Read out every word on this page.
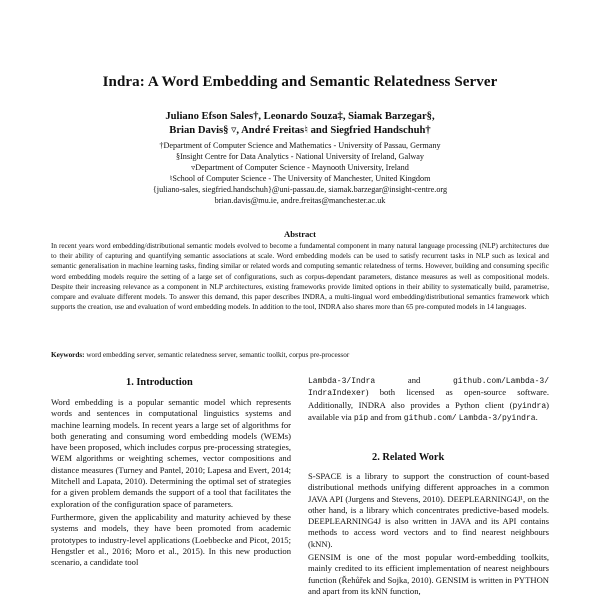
Indra: A Word Embedding and Semantic Relatedness Server
Juliano Efson Sales†, Leonardo Souza‡, Siamak Barzegar§,
Brian Davis§ ▿, André Freitas♮ and Siegfried Handschuh†
†Department of Computer Science and Mathematics - University of Passau, Germany
§Insight Centre for Data Analytics - National University of Ireland, Galway
▿Department of Computer Science - Maynooth University, Ireland
♮School of Computer Science - The University of Manchester, United Kingdom
{juliano-sales, siegfried.handschuh}@uni-passau.de, siamak.barzegar@insight-centre.org
brian.davis@mu.ie, andre.freitas@manchester.ac.uk
Abstract
In recent years word embedding/distributional semantic models evolved to become a fundamental component in many natural language processing (NLP) architectures due to their ability of capturing and quantifying semantic associations at scale. Word embedding models can be used to satisfy recurrent tasks in NLP such as lexical and semantic generalisation in machine learning tasks, finding similar or related words and computing semantic relatedness of terms. However, building and consuming specific word embedding models require the setting of a large set of configurations, such as corpus-dependant parameters, distance measures as well as compositional models. Despite their increasing relevance as a component in NLP architectures, existing frameworks provide limited options in their ability to systematically build, parametrise, compare and evaluate different models. To answer this demand, this paper describes INDRA, a multi-lingual word embedding/distributional semantics framework which supports the creation, use and evaluation of word embedding models. In addition to the tool, INDRA also shares more than 65 pre-computed models in 14 languages.
Keywords: word embedding server, semantic relatedness server, semantic toolkit, corpus pre-processor
1. Introduction

Word embedding is a popular semantic model which represents words and sentences in computational linguistics systems and machine learning models. In recent years a large set of algorithms for both generating and consuming word embedding models (WEMs) have been proposed, which includes corpus pre-processing strategies, WEM algorithms or weighting schemes, vector compositions and distance measures (Turney and Pantel, 2010; Lapesa and Evert, 2014; Mitchell and Lapata, 2010). Determining the optimal set of strategies for a given problem demands the support of a tool that facilitates the exploration of the configuration space of parameters.

Furthermore, given the applicability and maturity achieved by these systems and models, they have been promoted from academic prototypes to industry-level applications (Loebbecke and Picot, 2015; Hengstler et al., 2016; Moro et al., 2015). In this new production scenario, a candidate tool

Lambda-3/Indra and github.com/Lambda-3/ IndraIndexer) both licensed as open-source software. Additionally, INDRA also provides a Python client (pyindra) available via pip and from github.com/ Lambda-3/pyindra.

2. Related Work

S-SPACE is a library to support the construction of count-based distributional methods unifying different approaches in a common JAVA API (Jurgens and Stevens, 2010). DEEPLEARNING4J¹, on the other hand, is a library which concentrates predictive-based models. DEEPLEARNING4J is also written in JAVA and its API contains methods to access word vectors and to find nearest neighbours (kNN).

GENSIM is one of the most popular word-embedding toolkits, mainly credited to its efficient implementation of nearest neighbours function (Řehůřek and Sojka, 2010). GENSIM is written in PYTHON and apart from its kNN function,
